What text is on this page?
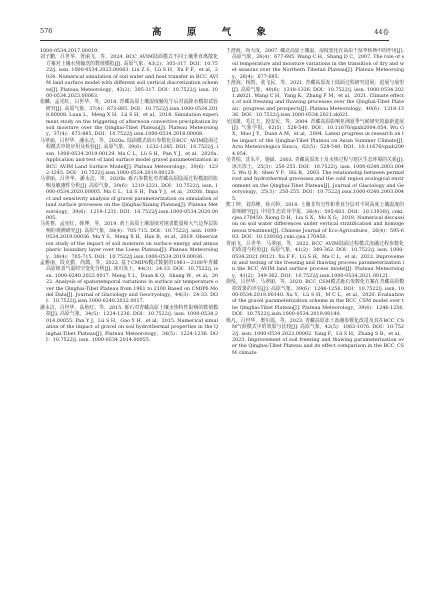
576	高 原 气 象	44卷

1000-0534.2017.00019.

刘子鹏，吕世华，胥丽飞，等，2024. BCC_AVIM陆面模式不同土壤垂直离散化方案对土壤水热输送的数值模拟[J]. 高原气象，43(2)：305-317. DOI：10.7522/j. issn. 1000-0534.2023.00063. Liu Z S，Lü S H，Xu F F，et al，2024. Numerical simulation of soil water and heat transfer in BCC_AVIM land surface model with different soil vertical discretization schemes[J]. Plateau Meteorology，43(2)：305-317. DOI：10.7522/j. issn. 1000-0534.2023.00063.

张麟，孟宪红，吕世华，等，2018. 青藏高原土壤湿度触发午后对流降水模拟试验研究[J]. 高原气象，37(4)：873-885. DOI：10.7522/j.issn.1000-0534.2018.00008. Luan L，Meng X H，Lü S H，et al，2018. Simulation experiment study on the triggering of afternoon convective precipitation by soil moisture over the Qinghai-Tibet Plateau[J]. Plateau Meteorology，37(4)：873-885. DOI：10.7522/j.issn.1000-0534.2018.00008.

马翠丽，吕世华，潘永洁，等，2020a. 陆面模式砾石参数化在BCC_AVIM陆面过程模式中的应用及检验[J]. 高原气象，39(6)：1232-1245. DOI：10.7522/j. issn. 1000-0534.2019.00129. Ma C L，Lü S H，Pan Y J，et al，2020a. Application and test of land surface model gravel parameterization in BCC_AVIM Land Surface Model[J]. Plateau Meteorology，39(6)：1232-1245. DOI：10.7522/j.issn.1000-0534.2019.00129.

马翠丽，吕世华，潘永洁，等，2020b. 砾石参数化对青藏高原陆面过程模拟的影响及敏感性分析[J]. 高原气象，39(6)：1219-1231. DOI：10.7522/j. issn. 1000-0534.2020.00005. Ma C L，Lü S H，Pan Y J，et al，2020b. Impact and sensitivity analysis of gravel parameterization on simulation of land surface processes on the Qinghai-Xizang Plateau[J]. Plateau Meteorology，39(6)：1219-1231. DOI：10.7522/j.issn.1000-0534.2020.00005.

马英赛，孟宪红，韩博，等，2019. 黄土高原土壤湿度对地表能量和大气边界层影响的观测研究[J]. 高原气象，38(4)：705-715. DOI：10.7522/j. issn. 1000-0534.2019.00036. Ma Y S，Meng X H，Han B，et al，2019. Observation study of the impact of soil moisture on surface energy and atmospheric boundary layer over the Loess Plateau[J]. Plateau Meteorology，38(4)：705-715. DOI：10.7522/j.issn.1000-0534.2019.00036.

孟雅丽，段克勤，尚溦，等，2022. 基于CMIP6模式数据的1961—2100年青藏高原地表气温时空变化分析[J]. 冰川冻土，44(3)：24-33. DOI：10.7522/j. issn. 1000-0240.2022.0017. Meng Y L，Duan K Q，Shang W，et al，2022. Analysis of spatiotemporal variations in surface air temperature over the Qinghai-Tibet Plateau from 1961 to 2100 Based on CMIP6 Model Data[J]. Journal of Glaciology and Geocryology，44(3)：24-33. DOI：10.7522/j.issn.1000-0240.2022.0017.

潘永洁，吕世华，高艳红，等，2015. 砾石对青藏高原土壤水热特性影响的数值模拟[J]. 高原气象，34(5)：1224-1236. DOI：10.7522/j. issn. 1000-0534.2014.00055. Pan Y J，Lü S H，Gao Y H，et al，2015. Numerical simulation of the impact of gravel on soil hydrothermal properties in the Qinghai-Tibet Plateau[J]. Plateau Meteorology，34(5)：1224-1236. DOI：10.7522/j. issn. 1000-0534.2014.00055.

王澄海，尚大成，2007. 藏北高原土壤温、湿度变化在高原干湿季转换中的作用[J]. 高原气象，26(4)：677-685. Wang C H，Shang D C，2007. The role of soil temperature and moisture variations in the transition of dry and wet seasons over the Northern Tibetan Plateau[J]. Plateau Meteorology，26(4)：677-685.

王澄海，杨凯，张飞民，等，2021. 青藏高原冻土陆面过程研究进展：进展与展望[J]. 高原气象，40(6)：1318-1336. DOI：10.7522/j. issn. 1000-0534.2021.zk021. Wang C H，Yang K，Zhang F M，et al，2021. Climate effects of soil freezing and thawing processes over the Qinghai-Tibet Plateau：progress and prospects[J]. Plateau Meteorology，40(6)：1318-1336. DOI：10.7522/j.issn.1000-0534.2021.zk021.

吴国雄，毛江玉，段安民，等，2004. 青藏高原影响亚洲夏季气候研究的最新进展[J]. 气象学报，62(5)：528-540. DOI：10.11676/qxxb2004.054. Wu G X，Mao J Y，Duan A M，et al，2004. Latest progress in research on the impact of the Qinghai-Tibet Plateau on Asian Summer Climate[J]. Acta Meteorologica Sinica，62(5)：528-540. DOI：10.11676/qxxb2004.054.

吴青柏，沈永平，施斌，2003. 青藏高原冻土及水热过程与寒区生态环境的关系[J]. 冰川冻土，25(3)：250-255. DOI：10.7522/j. issn. 1000-0240.2003.0045. Wu Q B，Shen Y P，Shi B，2003. The relationship between permafrost and hydrothermal processes and the cold region ecological environment on the Qinghai-Tibet Plateau[J]. Journal of Glaciology and Geocryology，25(3)：250-255. DOI：10.7522/j.issn.1000-0240.2003.0045.

熊丁坤，刘苏峰，孙兴婷，2018. 土壤非均匀性和垂直分层对不同高度土壤温度的影响研究[J]. 中国生态农业学报，26(4)：595-603. DOI：10.13930/j. cnki. cjea.170450. Xiong D H，Liu S X，Mo X G，2018. Numerical discussion on soil water differences under vertical stratification and homogeneous treatment[J]. Chinese Journal of Eco-Agriculture，26(4)：595-603. DOI：10.13930/j.cnki.cjea.170450.

胥丽飞，吕世华，马翠丽，等，2022. BCC_AVIM陆面过程模式冻融过程参数化的改进与检验[J]. 高原气象，41(2)：349-362. DOI：10.7522/j. issn. 1000-0534.2021.00121. Xu F F，Lü S H，Ma C L，et al，2022. Improvement and testing of the freezing and thawing process parameterization in the BCC_AVIM land surface process model[J]. Plateau Meteorology，41(2)：349-362. DOI：10.7522/j.issn.1000-0534.2021.00121.

徐悦，吕世华，马翠丽，等，2020. BCC_CSM模式砾石参数化方案在青藏高原模拟效果的评估[J]. 高原气象，39(6)：1246-1256. DOI：10.7522/j. issn. 1000-0534.2019.00140. Xu Y，Lü S H，M C L，et al，2020. Evaluation of the gravel parameterization scheme in the BCC_CSM model over the Qinghai-Tibet Plateau[J]. Plateau Meteorology，39(6)：1246-1256. DOI：10.7522/j.issn.1000-0534.2019.00140.

杨凡，吕世华，奥尔温，等，2023. 青藏高原冻土冻融参数化改进及其在BCC_CSM气候模式中的效果与比较[J]. 高原气象，42(5)：1063-1076. DOI：10.7522/j. issn. 1000-0534.2023.00002. Yang F，Lü S H，Zhang S B，et al，2023. Improvement of soil freezing and thawing parameterization over the Qinghai-Tibet Plateau and its effect comparison in the BCC_CSM climate
